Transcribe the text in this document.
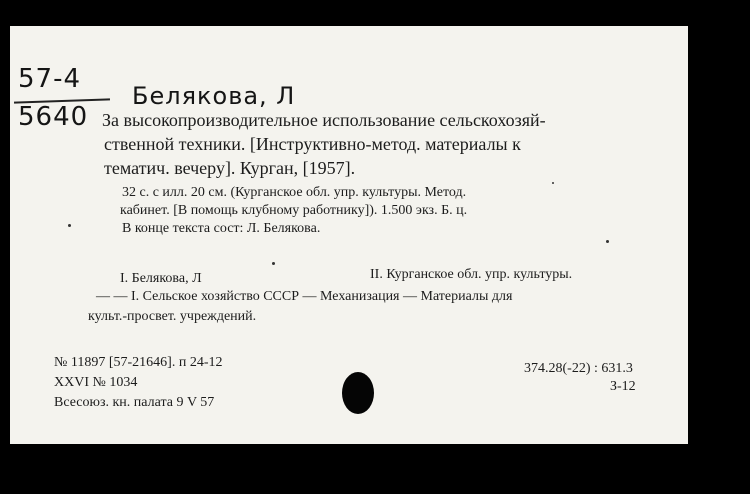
57-4
5640
Белякова, Л
За высокопроизводительное использование сельскохозяй-
ственной техники. [Инструктивно-метод. материалы к
тематич. вечеру]. Курган, [1957].
32 с. с илл. 20 см. (Курганское обл. упр. культуры. Метод.
кабинет. [В помощь клубному работнику]). 1.500 экз. Б. ц.
В конце текста сост: Л. Белякова.
I. Белякова, Л	II. Курганское обл. упр. культуры.
— — I. Сельское хозяйство СССР — Механизация — Материалы для
культ.-просвет. учреждений.
№ 11897 [57-21646]. п 24-12
XXVI № 1034
Всесоюз. кн. палата 9 V 57
374.28(-22) : 631.3
З-12
